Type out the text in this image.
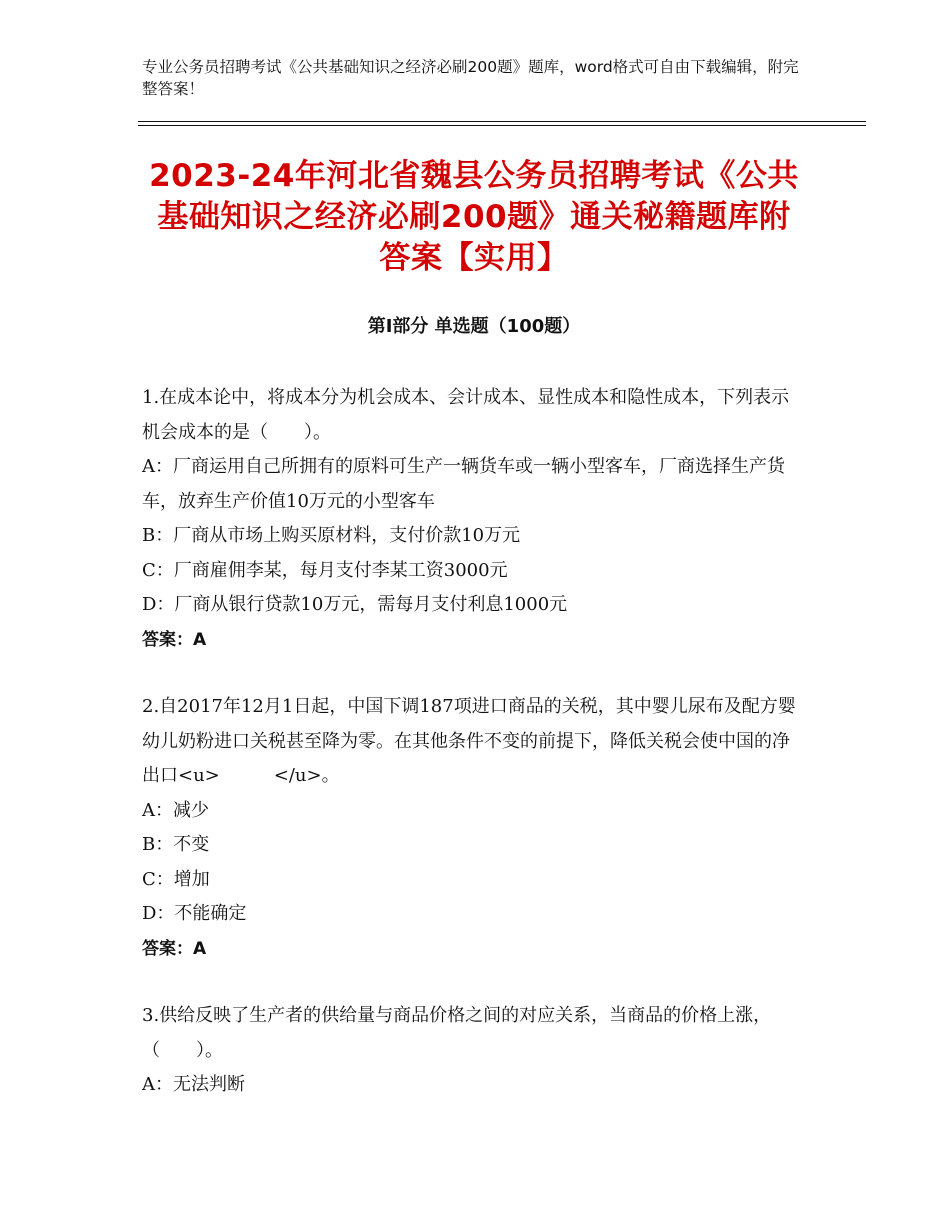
专业公务员招聘考试《公共基础知识之经济必刷200题》题库，word格式可自由下载编辑，附完整答案！
2023-24年河北省魏县公务员招聘考试《公共基础知识之经济必刷200题》通关秘籍题库附答案【实用】
第Ⅰ部分 单选题（100题）
1.在成本论中，将成本分为机会成本、会计成本、显性成本和隐性成本，下列表示机会成本的是（　　）。
A：厂商运用自己所拥有的原料可生产一辆货车或一辆小型客车，厂商选择生产货车，放弃生产价值10万元的小型客车
B：厂商从市场上购买原材料，支付价款10万元
C：厂商雇佣李某，每月支付李某工资3000元
D：厂商从银行贷款10万元，需每月支付利息1000元
答案：A
2.自2017年12月1日起，中国下调187项进口商品的关税，其中婴儿尿布及配方婴幼儿奶粉进口关税甚至降为零。在其他条件不变的前提下，降低关税会使中国的净出口<u>　　　</u>。
A：减少
B：不变
C：增加
D：不能确定
答案：A
3.供给反映了生产者的供给量与商品价格之间的对应关系，当商品的价格上涨，（　　）。
A：无法判断
